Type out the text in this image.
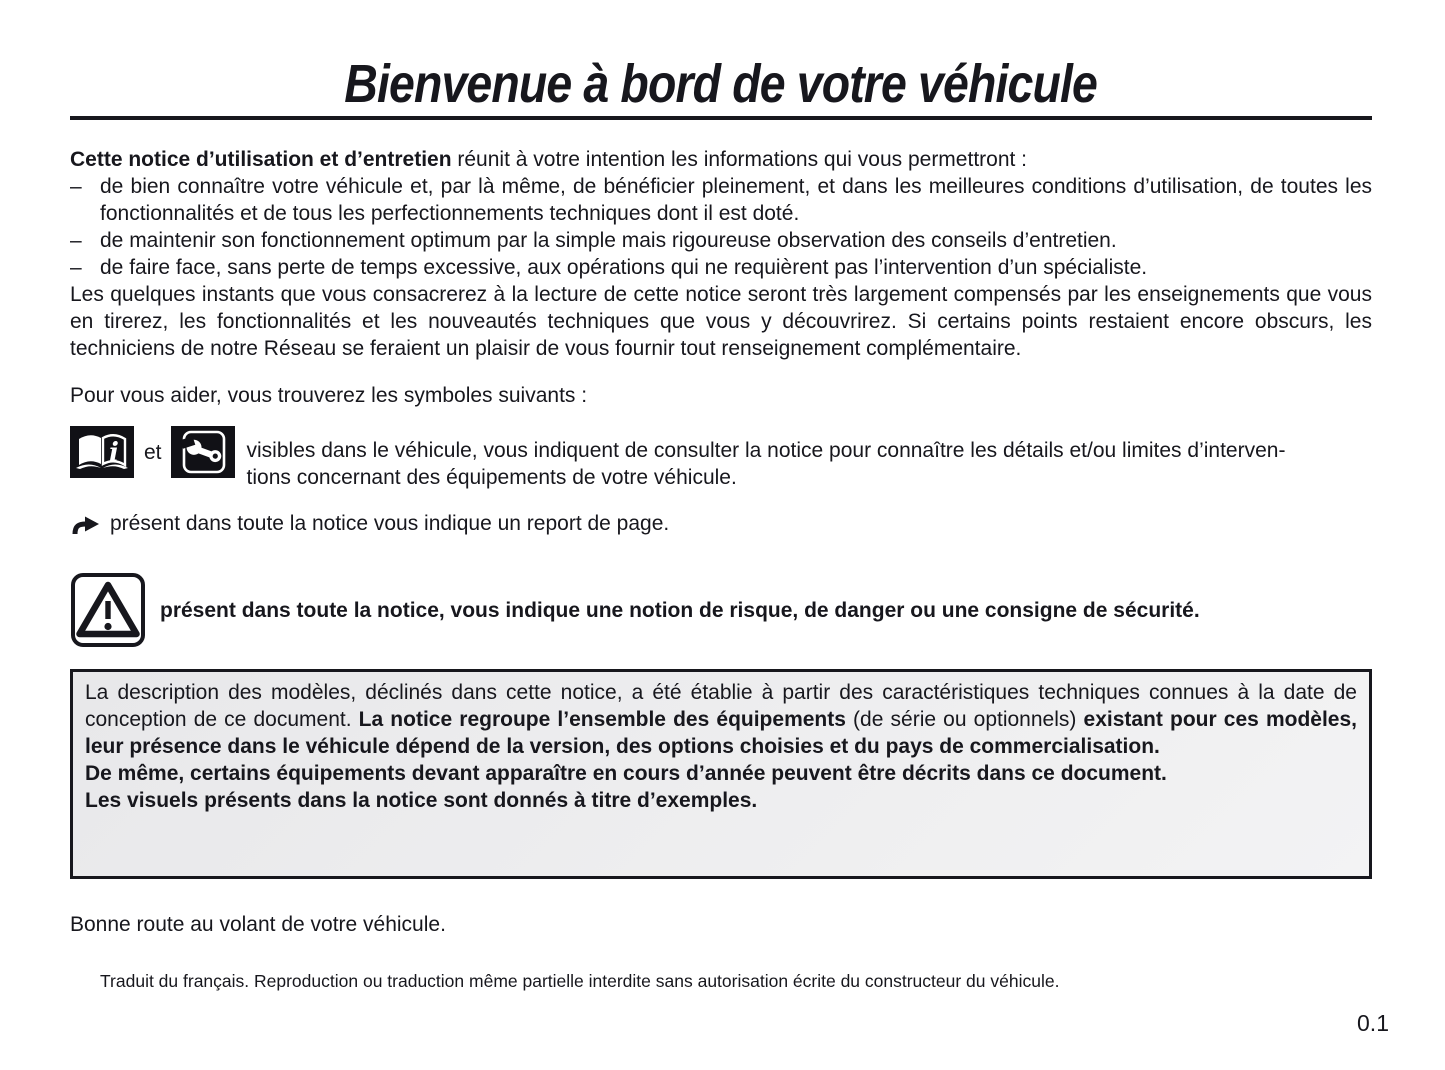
Bienvenue à bord de votre véhicule

Cette notice d’utilisation et d’entretien réunit à votre intention les informations qui vous permettront :

– de bien connaître votre véhicule et, par là même, de bénéficier pleinement, et dans les meilleures conditions d’utilisation, de toutes les fonctionnalités et de tous les perfectionnements techniques dont il est doté.
– de maintenir son fonctionnement optimum par la simple mais rigoureuse observation des conseils d’entretien.
– de faire face, sans perte de temps excessive, aux opérations qui ne requièrent pas l’intervention d’un spécialiste.

Les quelques instants que vous consacrerez à la lecture de cette notice seront très largement compensés par les enseignements que vous en tirerez, les fonctionnalités et les nouveautés techniques que vous y découvrirez. Si certains points restaient encore obscurs, les techniciens de notre Réseau se feraient un plaisir de vous fournir tout renseignement complémentaire.

Pour vous aider, vous trouverez les symboles suivants :

i et	visibles dans le véhicule, vous indiquent de consulter la notice pour connaître les détails et/ou limites d’interven-
tions concernant des équipements de votre véhicule.
présent dans toute la notice vous indique un report de page.
présent dans toute la notice, vous indique une notion de risque, de danger ou une consigne de sécurité.

La description des modèles, déclinés dans cette notice, a été établie à partir des caractéristiques techniques connues à la date de conception de ce document. La notice regroupe l’ensemble des équipements (de série ou optionnels) existant pour ces modèles, leur présence dans le véhicule dépend de la version, des options choisies et du pays de commercialisation.

De même, certains équipements devant apparaître en cours d’année peuvent être décrits dans ce document.

Les visuels présents dans la notice sont donnés à titre d’exemples.

Bonne route au volant de votre véhicule.

Traduit du français. Reproduction ou traduction même partielle interdite sans autorisation écrite du constructeur du véhicule.

0.1
